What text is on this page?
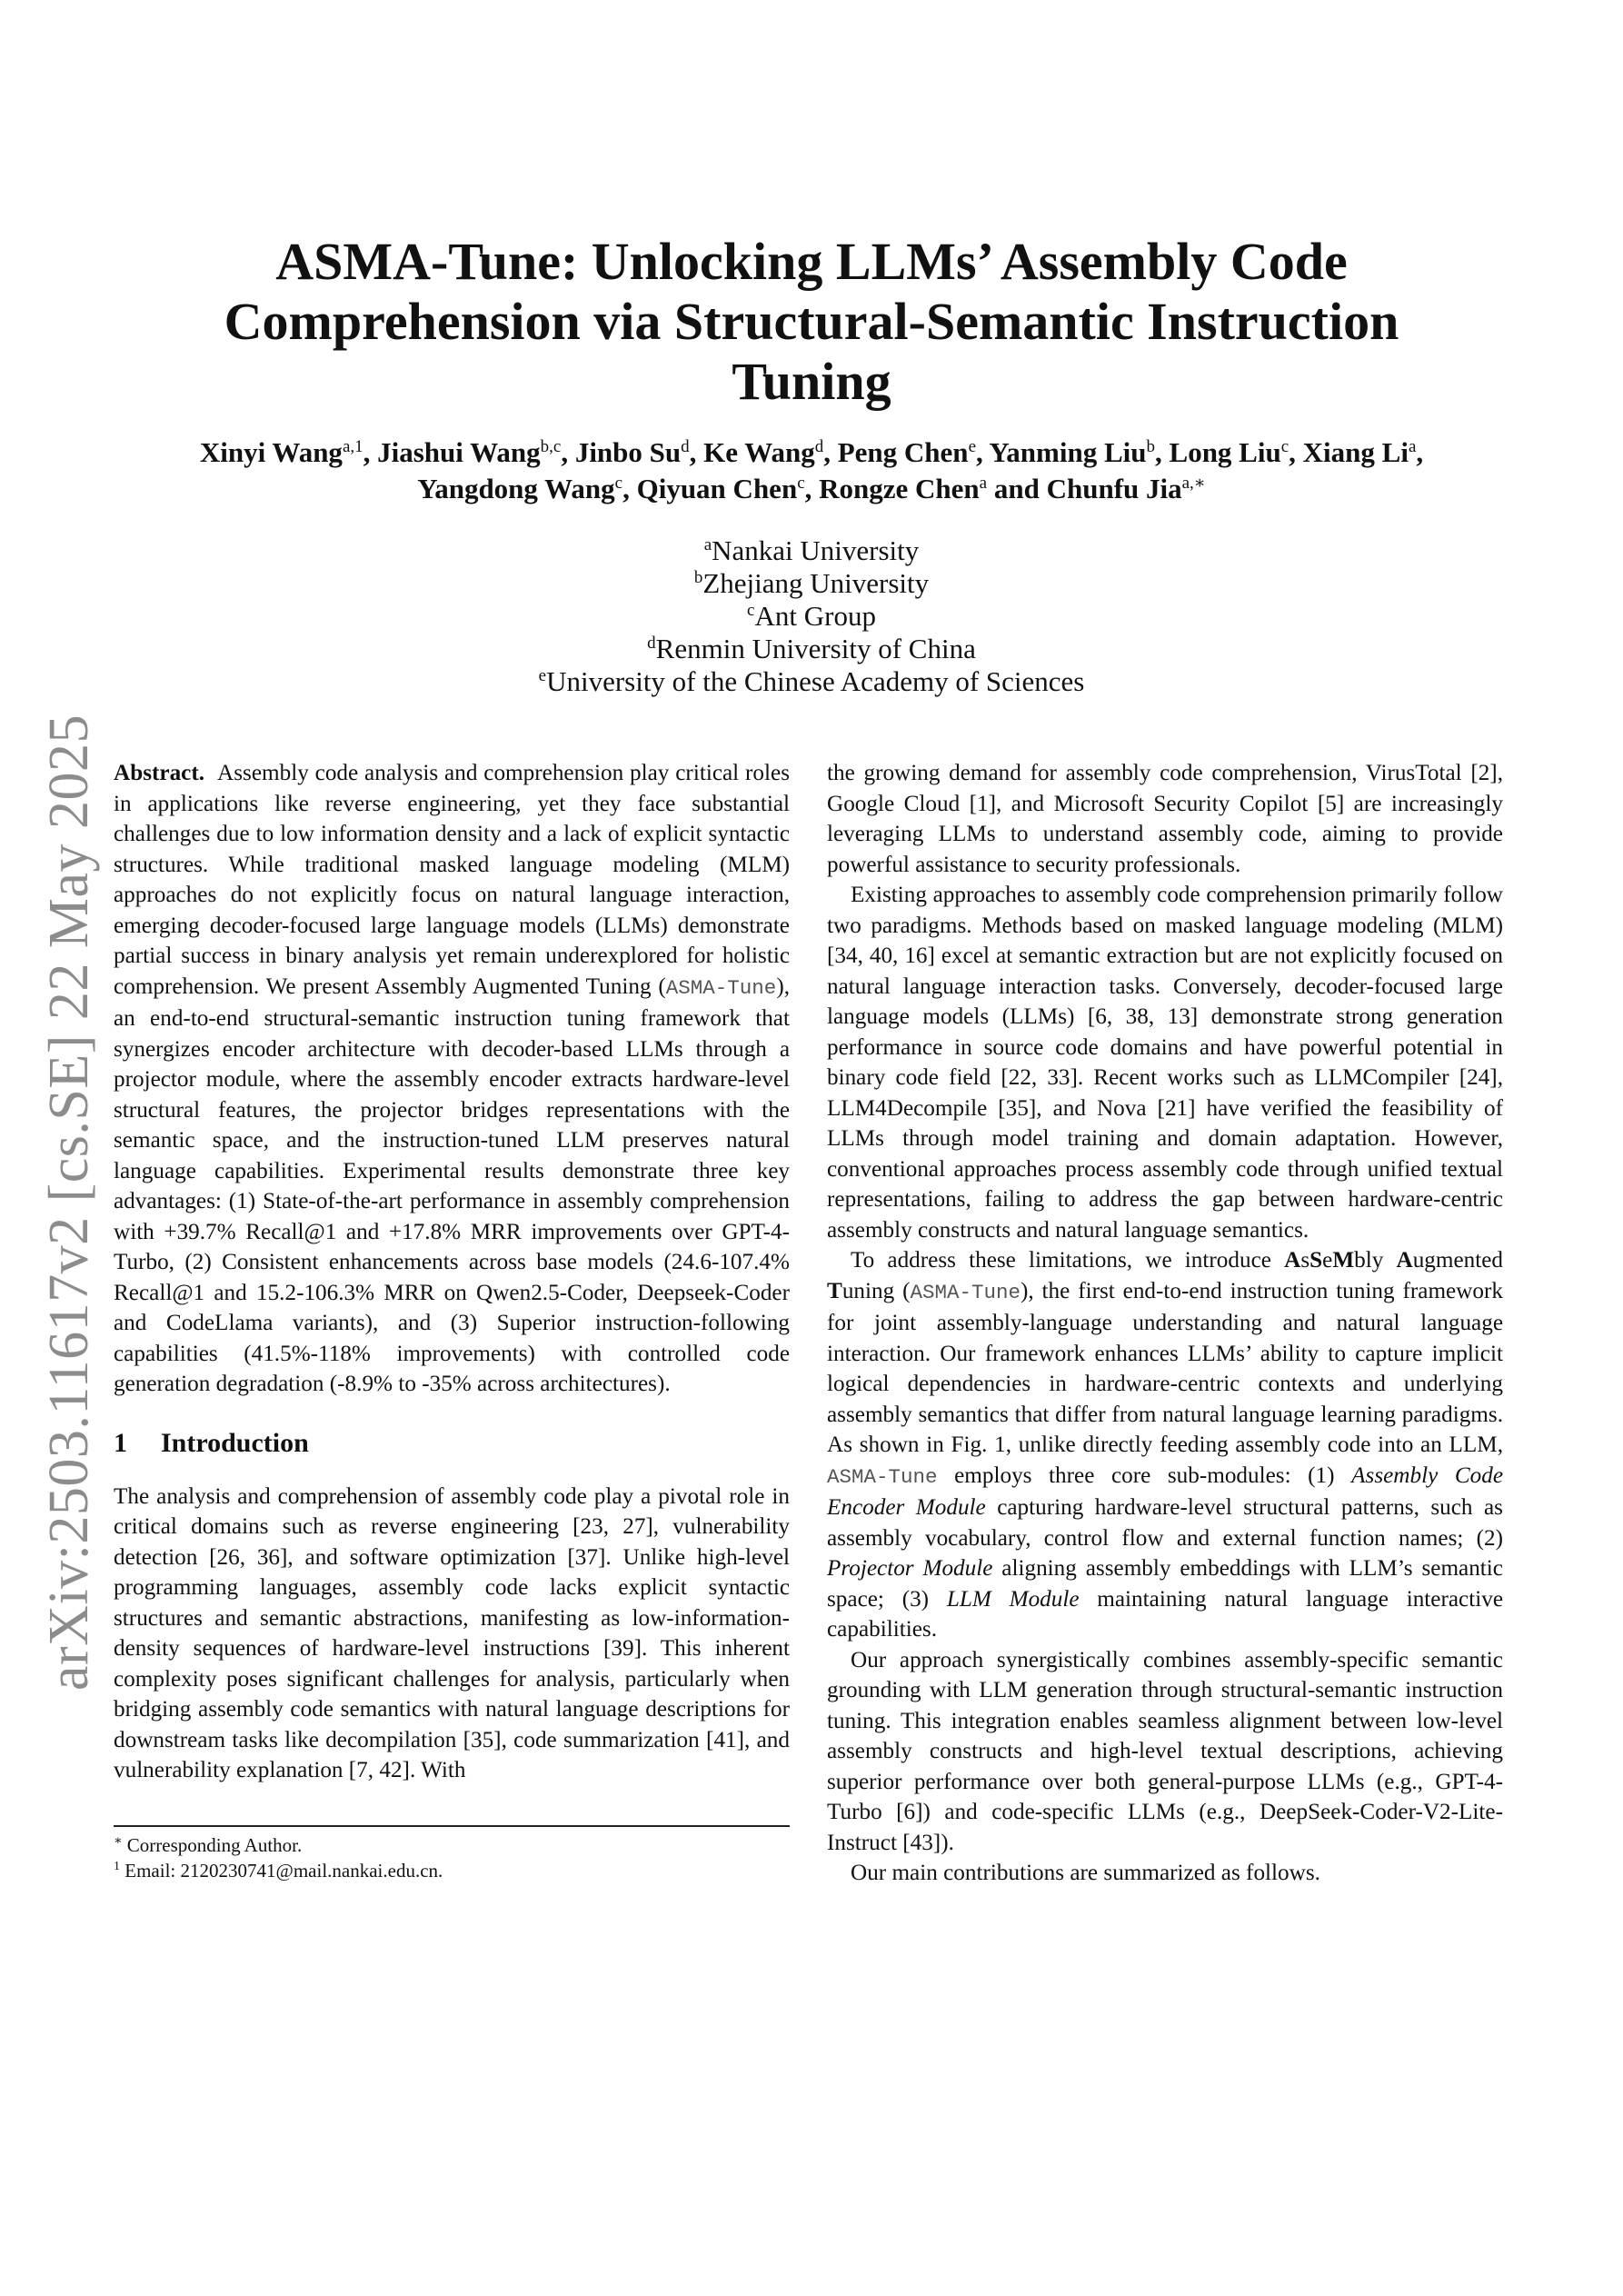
arXiv:2503.11617v2 [cs.SE] 22 May 2025
ASMA-Tune: Unlocking LLMs’ Assembly Code
Comprehension via Structural-Semantic Instruction
Tuning
Xinyi Wang$^{a,1}$, Jiashui Wang$^{b,c}$, Jinbo Su$^d$, Ke Wang$^d$, Peng Chen$^e$, Yanming Liu$^b$, Long Liu$^c$, Xiang Li$^a$,
Yangdong Wang$^c$, Qiyuan Chen$^c$, Rongze Chen$^a$ and Chunfu Jia$^{a,∗}$
$^a$Nankai University
$^b$Zhejiang University
$^c$Ant Group
$^d$Renmin University of China
$^e$University of the Chinese Academy of Sciences

Abstract. Assembly code analysis and comprehension play critical roles in applications like reverse engineering, yet they face substantial challenges due to low information density and a lack of explicit syntactic structures. While traditional masked language modeling (MLM) approaches do not explicitly focus on natural language interaction, emerging decoder-focused large language models (LLMs) demonstrate partial success in binary analysis yet remain underexplored for holistic comprehension. We present Assembly Augmented Tuning (ASMA-Tune), an end-to-end structural-semantic instruction tuning framework that synergizes encoder architecture with decoder-based LLMs through a projector module, where the assembly encoder extracts hardware-level structural features, the projector bridges representations with the semantic space, and the instruction-tuned LLM preserves natural language capabilities. Experimental results demonstrate three key advantages: (1) State-of-the-art performance in assembly comprehension with +39.7% Recall@1 and +17.8% MRR improvements over GPT-4-Turbo, (2) Consistent enhancements across base models (24.6-107.4% Recall@1 and 15.2-106.3% MRR on Qwen2.5-Coder, Deepseek-Coder and CodeLlama variants), and (3) Superior instruction-following capabilities (41.5%-118% improvements) with controlled code generation degradation (-8.9% to -35% across architectures).

1 Introduction

The analysis and comprehension of assembly code play a pivotal role in critical domains such as reverse engineering [23, 27], vulnerability detection [26, 36], and software optimization [37]. Unlike high-level programming languages, assembly code lacks explicit syntactic structures and semantic abstractions, manifesting as low-information-density sequences of hardware-level instructions [39]. This inherent complexity poses significant challenges for analysis, particularly when bridging assembly code semantics with natural language descriptions for downstream tasks like decompilation [35], code summarization [41], and vulnerability explanation [7, 42]. With

∗ Corresponding Author.
$^1$ Email: 2120230741@mail.nankai.edu.cn.

the growing demand for assembly code comprehension, VirusTotal [2], Google Cloud [1], and Microsoft Security Copilot [5] are increasingly leveraging LLMs to understand assembly code, aiming to provide powerful assistance to security professionals.

Existing approaches to assembly code comprehension primarily follow two paradigms. Methods based on masked language modeling (MLM) [34, 40, 16] excel at semantic extraction but are not explicitly focused on natural language interaction tasks. Conversely, decoder-focused large language models (LLMs) [6, 38, 13] demonstrate strong generation performance in source code domains and have powerful potential in binary code field [22, 33]. Recent works such as LLMCompiler [24], LLM4Decompile [35], and Nova [21] have verified the feasibility of LLMs through model training and domain adaptation. However, conventional approaches process assembly code through unified textual representations, failing to address the gap between hardware-centric assembly constructs and natural language semantics.

To address these limitations, we introduce AsSeMbly Augmented Tuning (ASMA-Tune), the first end-to-end instruction tuning framework for joint assembly-language understanding and natural language interaction. Our framework enhances LLMs’ ability to capture implicit logical dependencies in hardware-centric contexts and underlying assembly semantics that differ from natural language learning paradigms. As shown in Fig. 1, unlike directly feeding assembly code into an LLM, ASMA-Tune employs three core sub-modules: (1) Assembly Code Encoder Module capturing hardware-level structural patterns, such as assembly vocabulary, control flow and external function names; (2) Projector Module aligning assembly embeddings with LLM’s semantic space; (3) LLM Module maintaining natural language interactive capabilities.

Our approach synergistically combines assembly-specific semantic grounding with LLM generation through structural-semantic instruction tuning. This integration enables seamless alignment between low-level assembly constructs and high-level textual descriptions, achieving superior performance over both general-purpose LLMs (e.g., GPT-4-Turbo [6]) and code-specific LLMs (e.g., DeepSeek-Coder-V2-Lite-Instruct [43]).

Our main contributions are summarized as follows.
